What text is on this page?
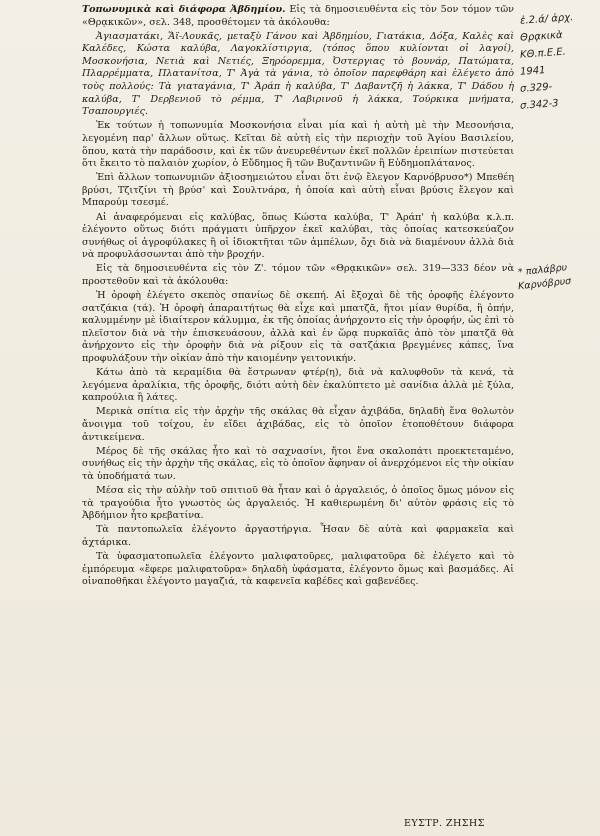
Τοπωνυμικὰ καὶ διάφορα Ἀβδημίου. Εἰς τὰ δημοσιευθέντα εἰς τὸν 5ον τόμον τῶν «Θρᾳκικῶν», σελ. 348, προσθέτομεν τὰ ἀκόλουθα:

Ἀγιασματάκι, Ἅϊ-Λουκᾶς, μεταξὺ Γάνου καὶ Ἀβδημίου, Γιατάκια, Δόξα, Καλὲς καὶ Καλέδες, Κώστα καλύβα, Λαγοκλίστιργια, (τόπος ὅπου κυλίονται οἱ λαγοί), Μοσκονήσια, Νετιὰ καὶ Νετιές, Ξηρόορεμμα, Ὀστεργιας τὸ βουνάρ, Πατώματα, Πλαρρέμματα, Πλατανίτσα, Τ' Ἀγὰ τὰ γάνια, τὸ ὁποῖον παρεφθάρη καὶ ἐλέγετο ἀπὸ τοὺς πολλούς: Τὰ γιαταγάνια, Τ' Ἀράπ ἡ καλύβα, Τ' Δαβαντζῆ ἡ λάκκα, Τ' Dάδου ἡ καλύβα, Τ' Dερβενιοῦ τὸ ρέμμα, Τ' Λαβιρινοῦ ἡ λάκκα, Τούρκικα μνήματα, Τσαπουργιές.

Ἐκ τούτων ἡ τοπωνυμία Μοσκονήσια εἶναι μία καὶ ἡ αὐτὴ μὲ τὴν Μεσονήσια, λεγομένη παρ' ἄλλων οὕτως. Κεῖται δὲ αὐτὴ εἰς τὴν περιοχὴν τοῦ Ἁγίου Βασιλείου, ὅπου, κατὰ τὴν παράδοσιν, καὶ ἐκ τῶν ἀνευρεθέντων ἐκεῖ πολλῶν ἐρειπίων πιστεύεται ὅτι ἔκειτο τὸ παλαιὸν χωρίον, ὁ Εὔδημος ἢ τῶν Βυζαντινῶν ἢ Εὐδημοπλάτανος.

Ἐπὶ ἄλλων τοπωνυμιῶν ἀξιοσημειώτου εἶναι ὅτι ἐνῷ ἔλεγον Καρνόβρυσο*) Μπεθέη βρύσι, Τζιτζίνι τὴ βρύσ' καὶ Σουλτνάρα, ἡ ὁποία καὶ αὐτὴ εἶναι βρύσις ἔλεγον καὶ Μπαρούμ τσεσμέ.

Αἱ ἀναφερόμεναι εἰς καλύβας, ὅπως Κώστα καλύβα, Τ' Ἀράπ' ἡ καλύβα κ.λ.π. ἐλέγοντο οὕτως διότι πράγματι ὑπῆρχον ἐκεῖ καλύβαι, τὰς ὁποίας κατεσκεύαζον συνήθως οἱ ἀγροφύλακες ἢ οἱ ἰδιοκτῆται τῶν ἀμπέλων, ὄχι διὰ νὰ διαμένουν ἀλλὰ διὰ νὰ προφυλάσσωνται ἀπὸ τὴν βροχήν.

Εἰς τὰ δημοσιευθέντα εἰς τὸν Ζ'. τόμον τῶν «Θρᾳκικῶν» σελ. 319—333 δέον νὰ προστεθοῦν καὶ τὰ ἀκόλουθα:

Ἡ ὀροφὴ ἐλέγετο σκεπὸς σπανίως δὲ σκεπή. Αἱ ἔξοχαὶ δὲ τῆς ὀροφῆς ἐλέγοντο σατζάκια (τά). Ἡ ὀροφὴ ἀπαραιτήτως θὰ εἶχε καὶ μπατζᾶ, ἤτοι μίαν θυρίδα, ἢ ὀπήν, καλυμμένην μὲ ἰδιαίτερον κάλυμμα, ἐκ τῆς ὁποίας ἀνήρχοντο εἰς τὴν ὀροφήν, ὡς ἐπὶ τὸ πλεῖστον διὰ νὰ τὴν ἐπισκευάσουν, ἀλλὰ καὶ ἐν ὥρᾳ πυρκαϊᾶς ἀπὸ τὸν μπατζᾶ θὰ ἀνήρχοντο εἰς τὴν ὀροφὴν διὰ νὰ ρίξουν εἰς τὰ σατζάκια βρεγμένες κάπες, ἵνα προφυλάξουν τὴν οἰκίαν ἀπὸ τὴν καιομένην γειτονικήν.

Κάτω ἀπὸ τὰ κεραμίδια θὰ ἔστρωναν φτέρ(η), διὰ νὰ καλυφθοῦν τὰ κενά, τὰ λεγόμενα ἀραλίκια, τῆς ὀροφῆς, διότι αὐτὴ δὲν ἐκαλύπτετο μὲ σανίδια ἀλλὰ μὲ ξύλα, καπρούλια ἢ λάτες.

Μερικὰ σπίτια εἰς τὴν ἀρχὴν τῆς σκάλας θὰ εἶχαν ἀχιβάδα, δηλαδὴ ἕνα θολωτὸν ἄνοιγμα τοῦ τοίχου, ἐν εἴδει ἀχιβάδας, εἰς τὸ ὁποῖον ἐτοποθέτουν διάφορα ἀντικείμενα.

Μέρος δὲ τῆς σκάλας ἦτο καὶ τὸ σαχνασίνι, ἤτοι ἕνα σκαλοπάτι προεκτεταμένο, συνήθως εἰς τὴν ἀρχὴν τῆς σκάλας, εἰς τὸ ὁποῖον ἄφηναν οἱ ἀνερχόμενοι εἰς τὴν οἰκίαν τὰ ὑποδήματά των.

Μέσα εἰς τὴν αὐλὴν τοῦ σπιτιοῦ θὰ ἦταν καὶ ὁ ἀργαλειός, ὁ ὁποῖος ὅμως μόνον εἰς τὰ τραγούδια ἦτο γνωστὸς ὡς ἀργαλειός. Ἡ καθιερωμένη δι' αὐτὸν φράσις εἰς τὸ Ἀβδήμιον ἦτο κρεβατίνα.

Τὰ παντοπωλεῖα ἐλέγοντο ἀργαστήργια. Ἦσαν δὲ αὐτὰ καὶ φαρμακεῖα καὶ ἀχτάρικα.

Τὰ ὑφασματοπωλεῖα ἐλέγοντο μαλιφατοῦρες, μαλιφατοῦρα δὲ ἐλέγετο καὶ τὸ ἐμπόρευμα «ἔφερε μαλιφατοῦρα» δηλαδὴ ὑφάσματα, ἐλέγοντο ὅμως καὶ βασμάδες. Αἱ οἰναποθῆκαι ἐλέγοντο μαγαζιά, τὰ καφενεῖα καβέδες καὶ gαβενέδες.

ΕΥΣΤΡ. ΖΗΣΗΣ
ἐ.2.ά/ ἀρχ.
Θρᾳκικὰ
ΚΘ.π.Ε.Ε.
1941
σ.329-
σ.342-3
* παλάβρυ
Καρνόβρυσ
